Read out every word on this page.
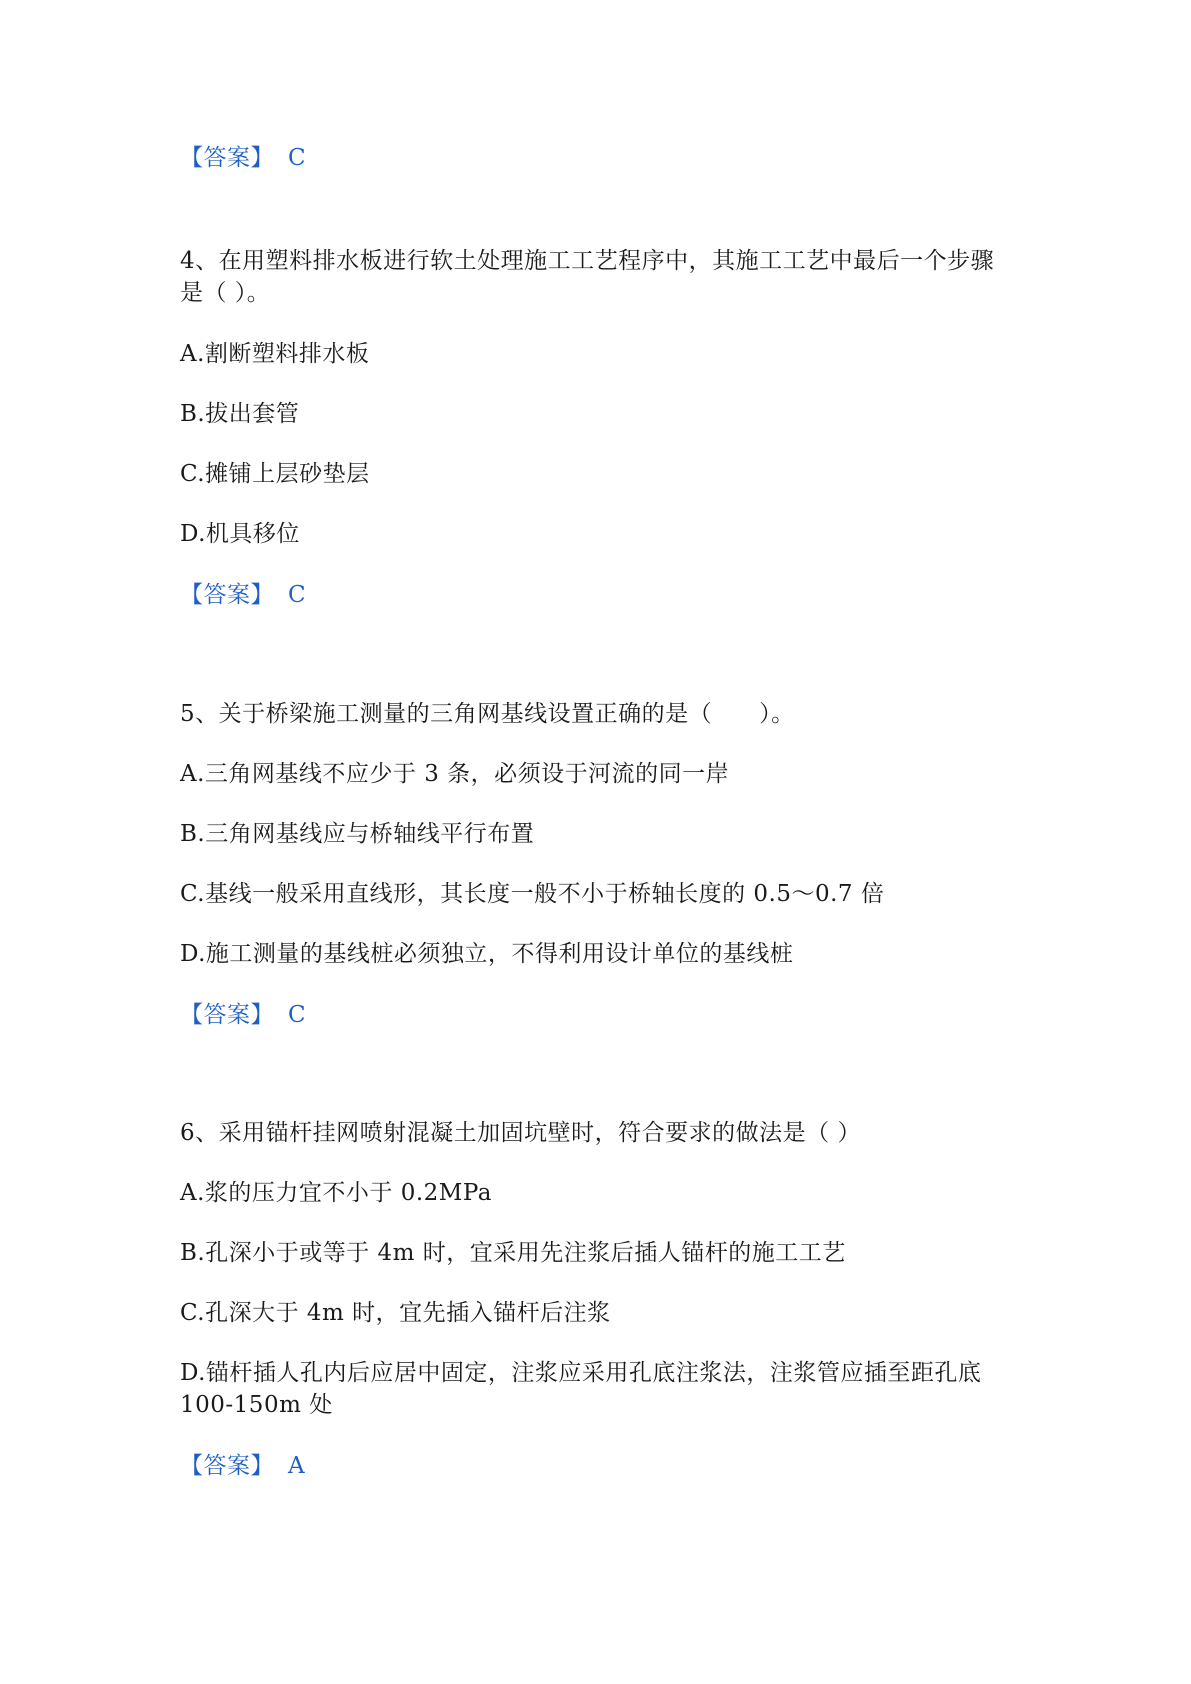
【答案】 C
4、在用塑料排水板进行软土处理施工工艺程序中，其施工工艺中最后一个步骤
是（ ）。
A.割断塑料排水板
B.拔出套管
C.摊铺上层砂垫层
D.机具移位
【答案】 C
5、关于桥梁施工测量的三角网基线设置正确的是（　　）。
A.三角网基线不应少于 3 条，必须设于河流的同一岸
B.三角网基线应与桥轴线平行布置
C.基线一般采用直线形，其长度一般不小于桥轴长度的 0.5～0.7 倍
D.施工测量的基线桩必须独立，不得利用设计单位的基线桩
【答案】 C
6、采用锚杆挂网喷射混凝土加固坑壁时，符合要求的做法是（ ）
A.浆的压力宜不小于 0.2MPa
B.孔深小于或等于 4m 时，宜采用先注浆后插人锚杆的施工工艺
C.孔深大于 4m 时，宜先插入锚杆后注浆
D.锚杆插人孔内后应居中固定，注浆应采用孔底注浆法，注浆管应插至距孔底
100-150m 处
【答案】 A
